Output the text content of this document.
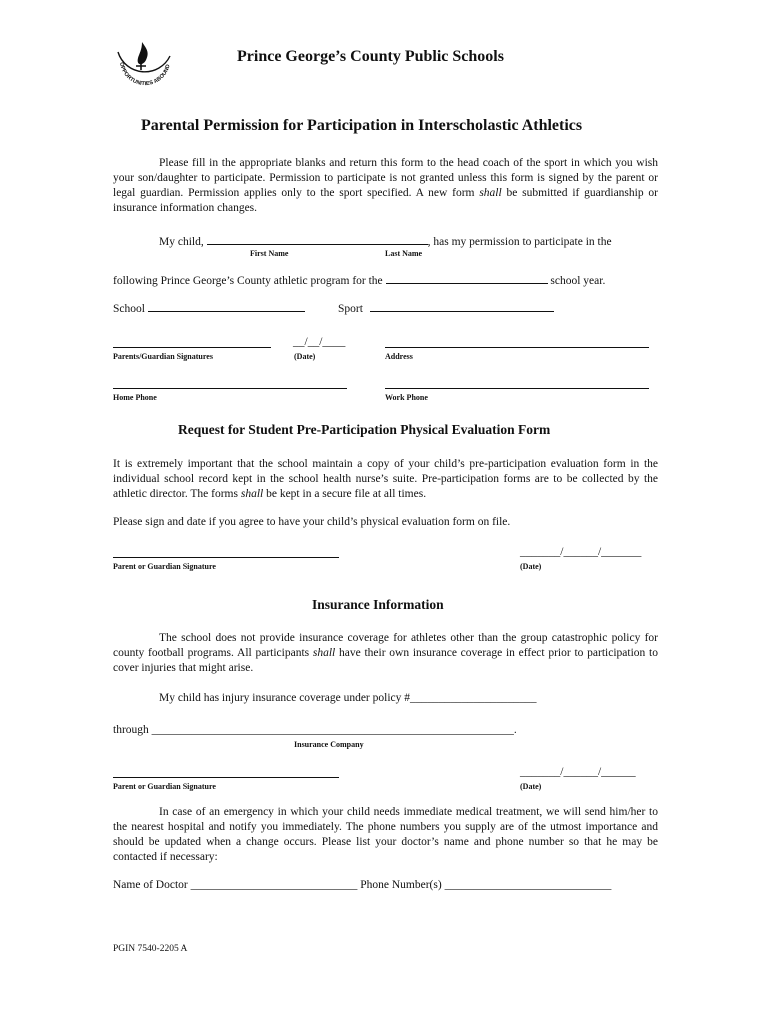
OPPORTUNITIES ABOUND
Prince George’s County Public Schools
Parental Permission for Participation in Interscholastic Athletics
Please fill in the appropriate blanks and return this form to the head coach of the sport in which you wish your son/daughter to participate. Permission to participate is not granted unless this form is signed by the parent or legal guardian. Permission applies only to the sport specified. A new form shall be submitted if guardianship or insurance information changes.
My child,	, has my permission to participate in the
First Name	Last Name
following Prince George’s County athletic program for the	school year.
School	Sport
__/__/____
Parents/Guardian Signatures	(Date)	Address
Home Phone	Work Phone
Request for Student Pre-Participation Physical Evaluation Form
It is extremely important that the school maintain a copy of your child’s pre-participation evaluation form in the individual school record kept in the school health nurse’s suite. Pre-participation forms are to be collected by the athletic director. The forms shall be kept in a secure file at all times.
Please sign and date if you agree to have your child’s physical evaluation form on file.
_______/______/_______
Parent or Guardian Signature	(Date)
Insurance Information
The school does not provide insurance coverage for athletes other than the group catastrophic policy for county football programs. All participants shall have their own insurance coverage in effect prior to participation to cover injuries that might arise.
My child has injury insurance coverage under policy #______________________
through _______________________________________________________________.
Insurance Company
_______/______/______
Parent or Guardian Signature	(Date)
In case of an emergency in which your child needs immediate medical treatment, we will send him/her to the nearest hospital and notify you immediately. The phone numbers you supply are of the utmost importance and should be updated when a change occurs. Please list your doctor’s name and phone number so that he may be contacted if necessary:
Name of Doctor _____________________________ Phone Number(s) _____________________________
PGIN 7540-2205 A
